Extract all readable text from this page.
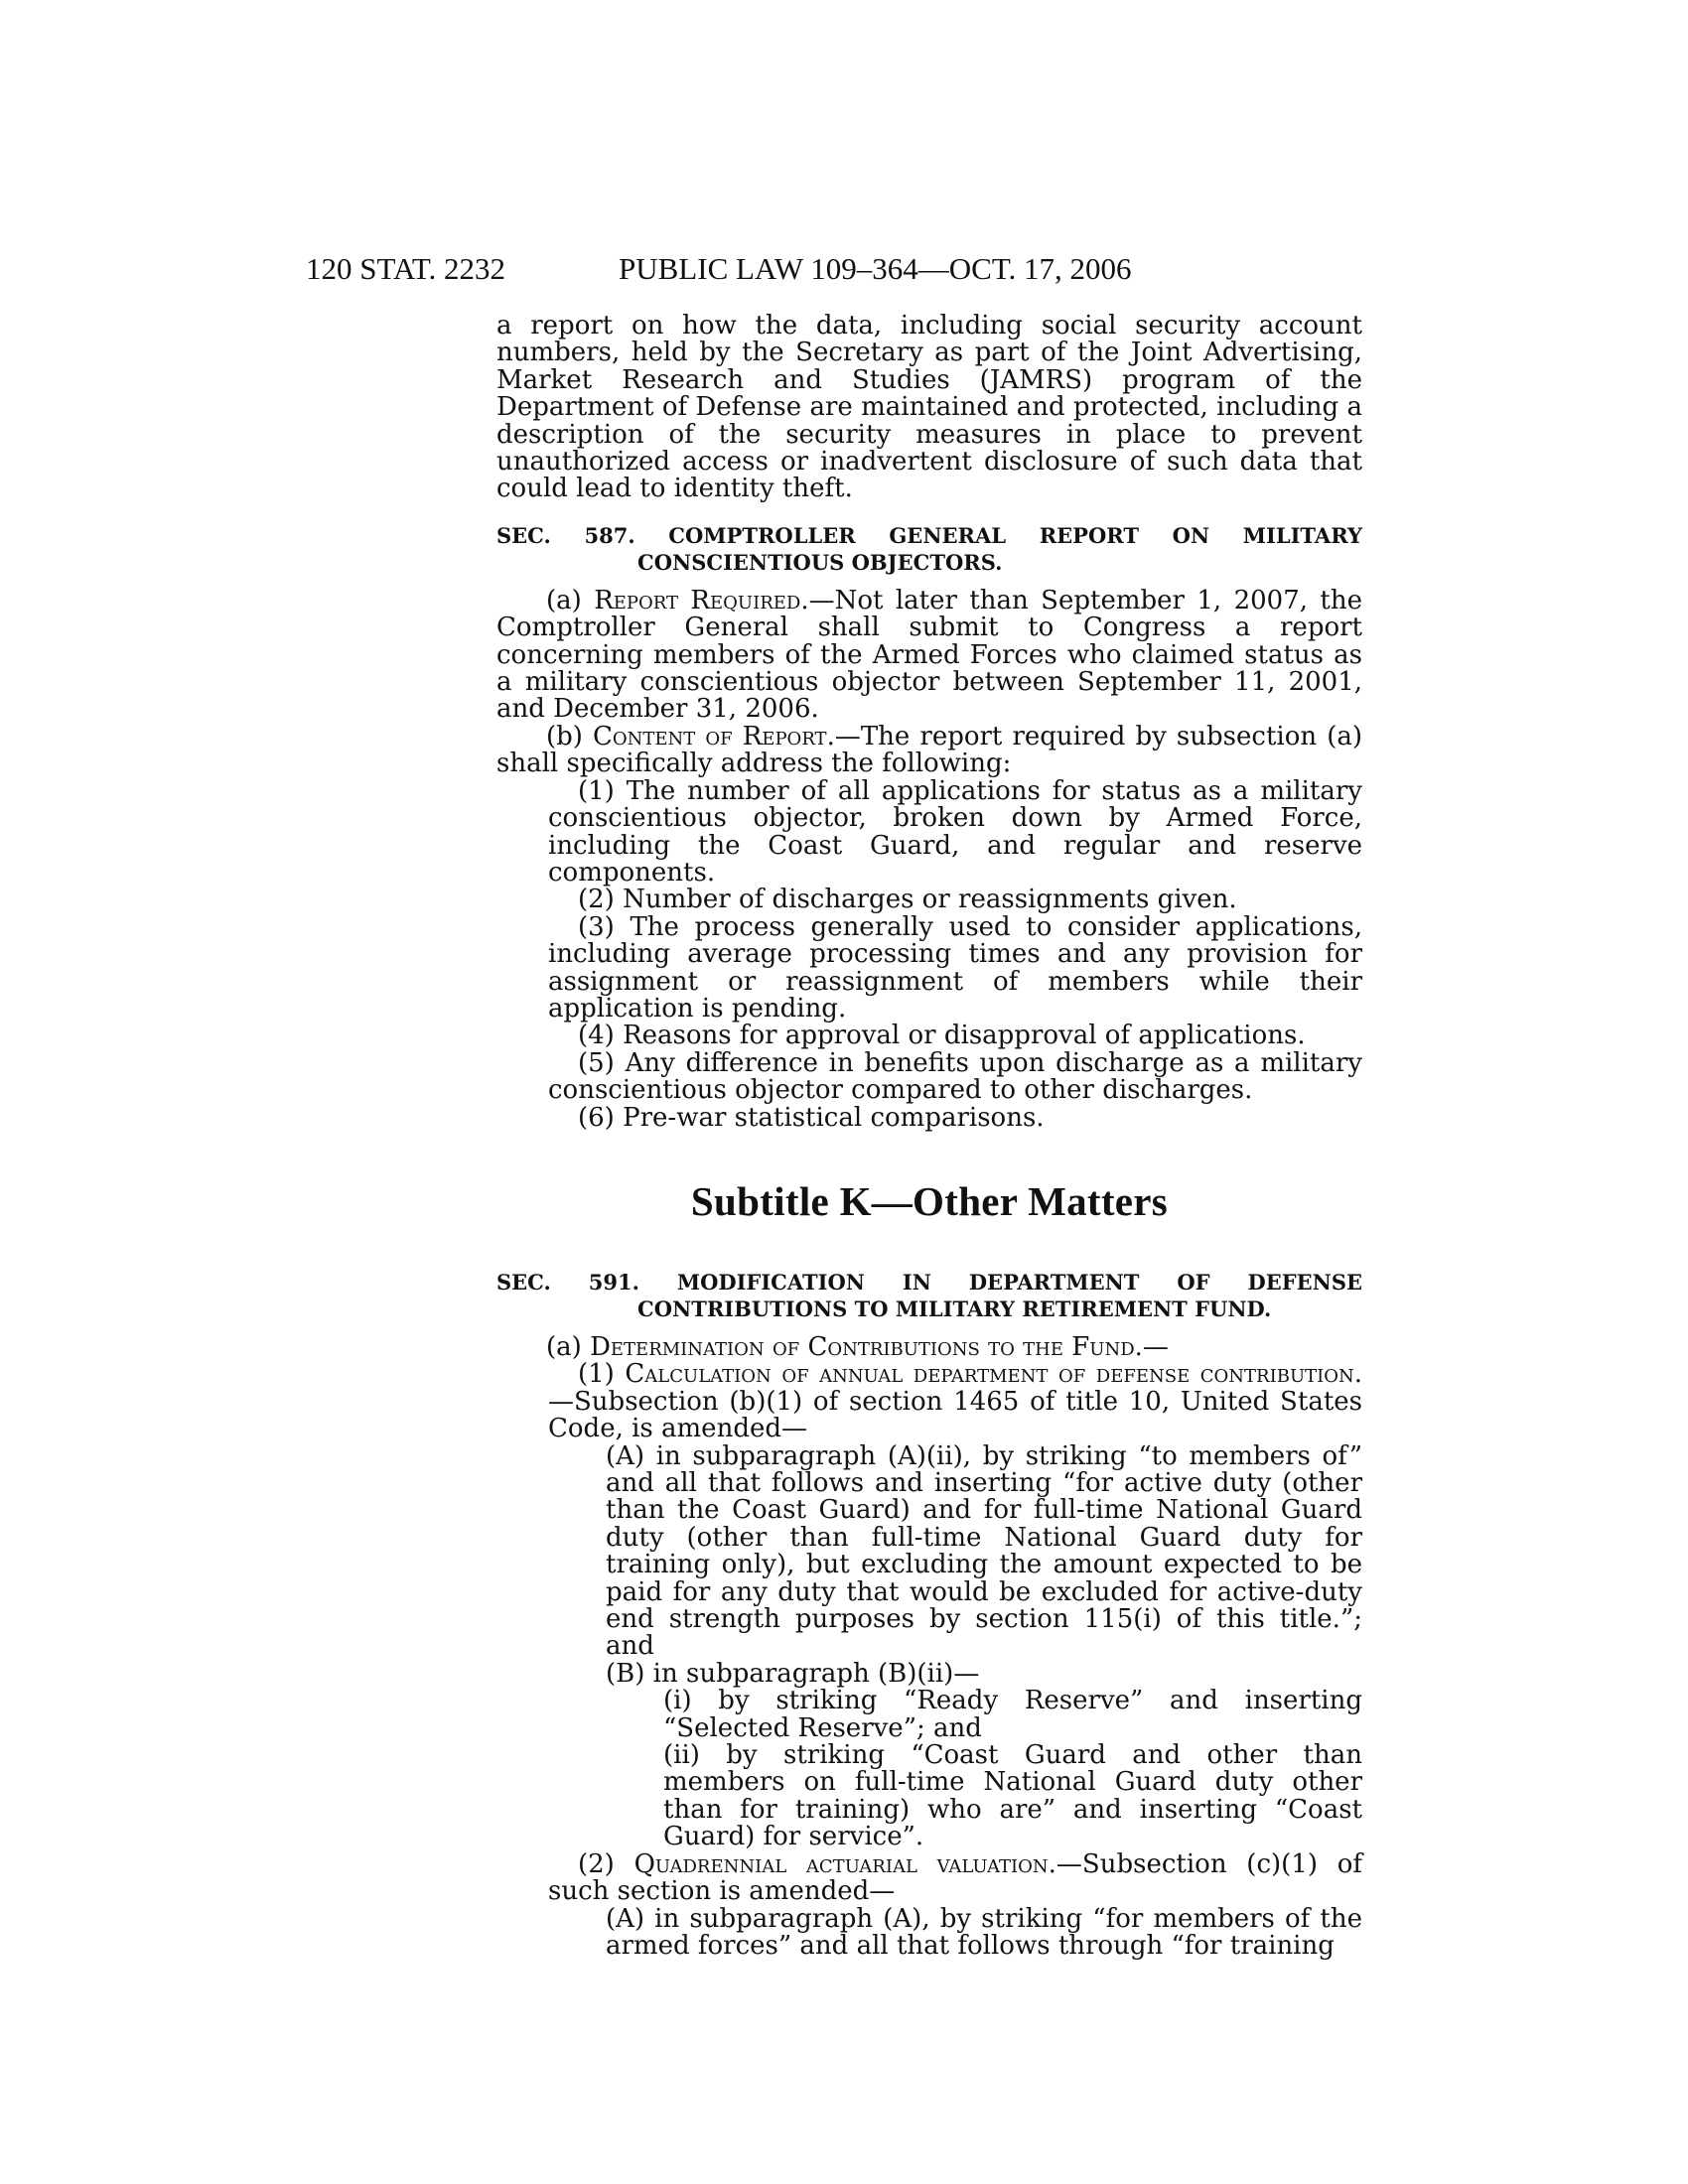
120 STAT. 2232	PUBLIC LAW 109–364—OCT. 17, 2006

a report on how the data, including social security account numbers, held by the Secretary as part of the Joint Advertising, Market Research and Studies (JAMRS) program of the Department of Defense are maintained and protected, including a description of the security measures in place to prevent unauthorized access or inadvertent disclosure of such data that could lead to identity theft.

SEC. 587. COMPTROLLER GENERAL REPORT ON MILITARY CONSCIENTIOUS OBJECTORS.

(a) Report Required.—Not later than September 1, 2007, the Comptroller General shall submit to Congress a report concerning members of the Armed Forces who claimed status as a military conscientious objector between September 11, 2001, and December 31, 2006.

(b) Content of Report.—The report required by subsection (a) shall specifically address the following:

(1) The number of all applications for status as a military conscientious objector, broken down by Armed Force, including the Coast Guard, and regular and reserve components.

(2) Number of discharges or reassignments given.

(3) The process generally used to consider applications, including average processing times and any provision for assignment or reassignment of members while their application is pending.

(4) Reasons for approval or disapproval of applications.

(5) Any difference in benefits upon discharge as a military conscientious objector compared to other discharges.

(6) Pre-war statistical comparisons.

Subtitle K—Other Matters
SEC. 591. MODIFICATION IN DEPARTMENT OF DEFENSE CONTRIBUTIONS TO MILITARY RETIREMENT FUND.

(a) Determination of Contributions to the Fund.—

(1) Calculation of annual department of defense contribution.—Subsection (b)(1) of section 1465 of title 10, United States Code, is amended—

(A) in subparagraph (A)(ii), by striking “to members of” and all that follows and inserting “for active duty (other than the Coast Guard) and for full-time National Guard duty (other than full-time National Guard duty for training only), but excluding the amount expected to be paid for any duty that would be excluded for active-duty end strength purposes by section 115(i) of this title.”; and

(B) in subparagraph (B)(ii)—

(i) by striking “Ready Reserve” and inserting “Selected Reserve”; and

(ii) by striking “Coast Guard and other than members on full-time National Guard duty other than for training) who are” and inserting “Coast Guard) for service”.

(2) Quadrennial actuarial valuation.—Subsection (c)(1) of such section is amended—

(A) in subparagraph (A), by striking “for members of the armed forces” and all that follows through “for training
